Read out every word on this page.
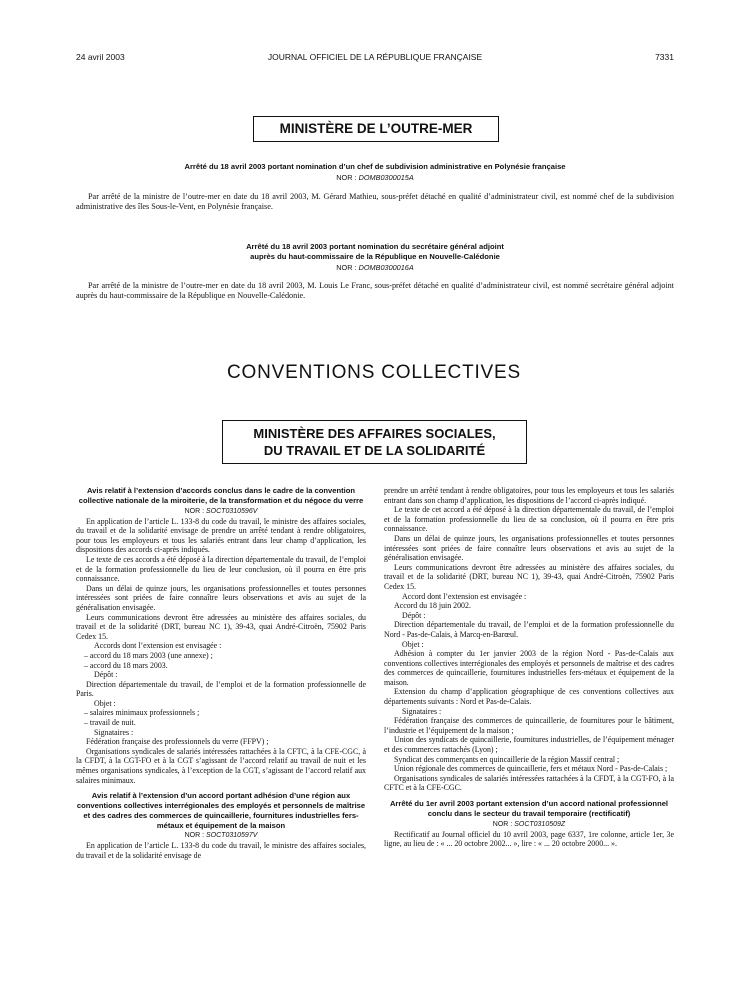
24 avril 2003	JOURNAL OFFICIEL DE LA RÉPUBLIQUE FRANÇAISE	7331
MINISTÈRE DE L’OUTRE-MER
Arrêté du 18 avril 2003 portant nomination d’un chef de subdivision administrative en Polynésie française
NOR : DOMB0300015A

Par arrêté de la ministre de l’outre-mer en date du 18 avril 2003, M. Gérard Mathieu, sous-préfet détaché en qualité d’administrateur civil, est nommé chef de la subdivision administrative des îles Sous-le-Vent, en Polynésie française.

Arrêté du 18 avril 2003 portant nomination du secrétaire général adjoint
auprès du haut-commissaire de la République en Nouvelle-Calédonie
NOR : DOMB0300016A

Par arrêté de la ministre de l’outre-mer en date du 18 avril 2003, M. Louis Le Franc, sous-préfet détaché en qualité d’administrateur civil, est nommé secrétaire général adjoint auprès du haut-commissaire de la République en Nouvelle-Calédonie.

CONVENTIONS COLLECTIVES
MINISTÈRE DES AFFAIRES SOCIALES,
DU TRAVAIL ET DE LA SOLIDARITÉ

Avis relatif à l’extension d’accords conclus dans le cadre de la convention collective nationale de la miroiterie, de la transformation et du négoce du verre

NOR : SOCT0310596V

En application de l’article L. 133-8 du code du travail, le ministre des affaires sociales, du travail et de la solidarité envisage de prendre un arrêté tendant à rendre obligatoires, pour tous les employeurs et tous les salariés entrant dans leur champ d’application, les dispositions des accords ci-après indiqués.

Le texte de ces accords a été déposé à la direction départementale du travail, de l’emploi et de la formation professionnelle du lieu de leur conclusion, où il pourra en être pris connaissance.

Dans un délai de quinze jours, les organisations professionnelles et toutes personnes intéressées sont priées de faire connaître leurs observations et avis au sujet de la généralisation envisagée.

Leurs communications devront être adressées au ministère des affaires sociales, du travail et de la solidarité (DRT, bureau NC 1), 39-43, quai André-Citroën, 75902 Paris Cedex 15.

Accords dont l’extension est envisagée :

– accord du 18 mars 2003 (une annexe) ;

– accord du 18 mars 2003.

Dépôt :

Direction départementale du travail, de l’emploi et de la formation professionnelle de Paris.

Objet :

– salaires minimaux professionnels ;

– travail de nuit.

Signataires :

Fédération française des professionnels du verre (FFPV) ;

Organisations syndicales de salariés intéressées rattachées à la CFTC, à la CFE-CGC, à la CFDT, à la CGT-FO et à la CGT s’agissant de l’accord relatif au travail de nuit et les mêmes organisations syndicales, à l’exception de la CGT, s’agissant de l’accord relatif aux salaires minimaux.

Avis relatif à l’extension d’un accord portant adhésion d’une région aux conventions collectives interrégionales des employés et personnels de maîtrise et des cadres des commerces de quincaillerie, fournitures industrielles fers-métaux et équipement de la maison

NOR : SOCT0310597V

En application de l’article L. 133-8 du code du travail, le ministre des affaires sociales, du travail et de la solidarité envisage de

prendre un arrêté tendant à rendre obligatoires, pour tous les employeurs et tous les salariés entrant dans son champ d’application, les dispositions de l’accord ci-après indiqué.

Le texte de cet accord a été déposé à la direction départementale du travail, de l’emploi et de la formation professionnelle du lieu de sa conclusion, où il pourra en être pris connaissance.

Dans un délai de quinze jours, les organisations professionnelles et toutes personnes intéressées sont priées de faire connaître leurs observations et avis au sujet de la généralisation envisagée.

Leurs communications devront être adressées au ministère des affaires sociales, du travail et de la solidarité (DRT, bureau NC 1), 39-43, quai André-Citroën, 75902 Paris Cedex 15.

Accord dont l’extension est envisagée :

Accord du 18 juin 2002.

Dépôt :

Direction départementale du travail, de l’emploi et de la formation professionnelle du Nord - Pas-de-Calais, à Marcq-en-Barœul.

Objet :

Adhésion à compter du 1er janvier 2003 de la région Nord - Pas-de-Calais aux conventions collectives interrégionales des employés et personnels de maîtrise et des cadres des commerces de quincaillerie, fournitures industrielles fers-métaux et équipement de la maison.

Extension du champ d’application géographique de ces conventions collectives aux départements suivants : Nord et Pas-de-Calais.

Signataires :

Fédération française des commerces de quincaillerie, de fournitures pour le bâtiment, l’industrie et l’équipement de la maison ;

Union des syndicats de quincaillerie, fournitures industrielles, de l’équipement ménager et des commerces rattachés (Lyon) ;

Syndicat des commerçants en quincaillerie de la région Massif central ;

Union régionale des commerces de quincaillerie, fers et métaux Nord - Pas-de-Calais ;

Organisations syndicales de salariés intéressées rattachées à la CFDT, à la CGT-FO, à la CFTC et à la CFE-CGC.

Arrêté du 1er avril 2003 portant extension d’un accord national professionnel conclu dans le secteur du travail temporaire (rectificatif)

NOR : SOCT0310509Z

Rectificatif au Journal officiel du 10 avril 2003, page 6337, 1re colonne, article 1er, 3e ligne, au lieu de : « ... 20 octobre 2002... », lire : « ... 20 octobre 2000... ».
